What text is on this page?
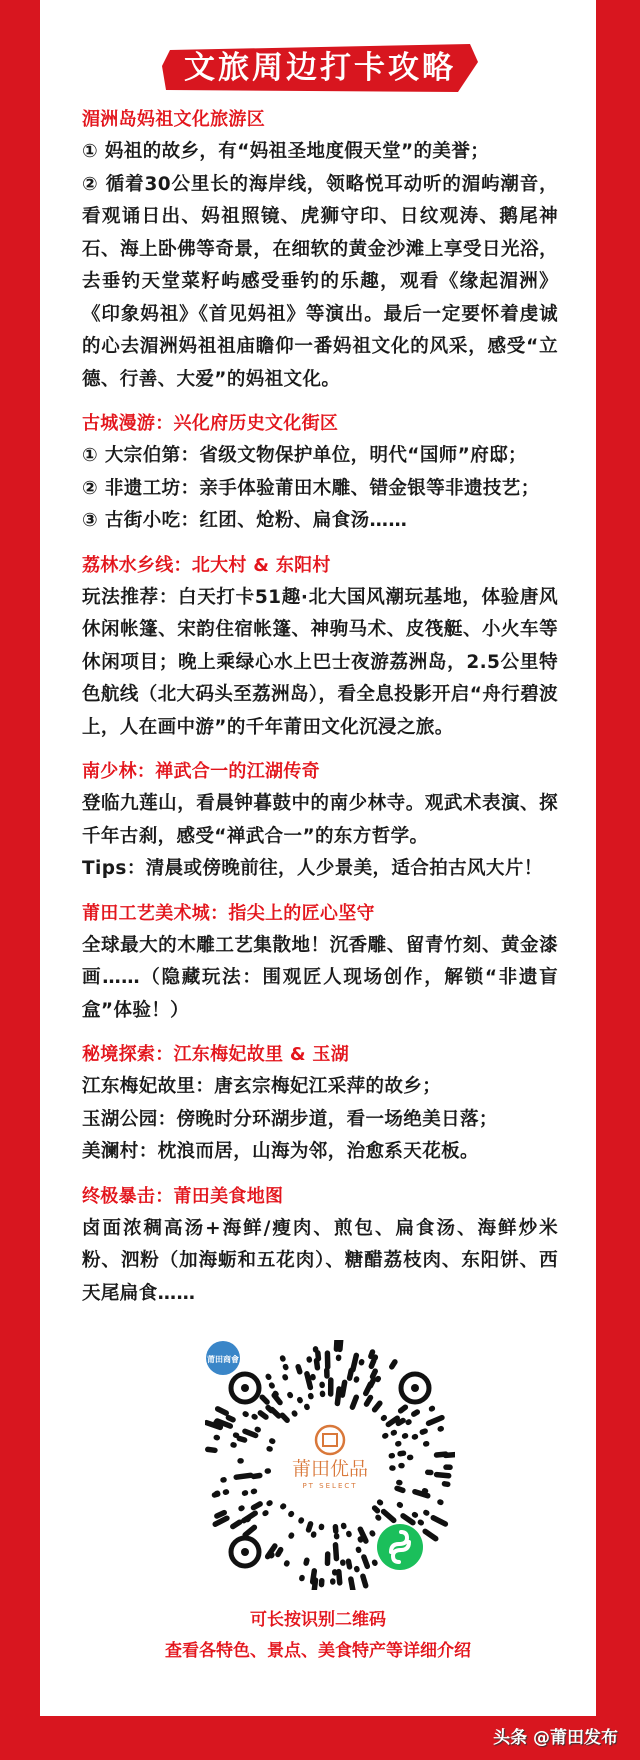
文旅周边打卡攻略
湄洲岛妈祖文化旅游区
① 妈祖的故乡，有“妈祖圣地度假天堂”的美誉；
② 循着30公里长的海岸线，领略悦耳动听的湄屿潮音，看观诵日出、妈祖照镜、虎狮守印、日纹观涛、鹅尾神石、海上卧佛等奇景，在细软的黄金沙滩上享受日光浴，去垂钓天堂菜籽屿感受垂钓的乐趣，观看《缘起湄洲》《印象妈祖》《首见妈祖》等演出。最后一定要怀着虔诚的心去湄洲妈祖祖庙瞻仰一番妈祖文化的风采，感受“立德、行善、大爱”的妈祖文化。
古城漫游：兴化府历史文化街区
① 大宗伯第：省级文物保护单位，明代“国师”府邸；
② 非遗工坊：亲手体验莆田木雕、错金银等非遗技艺；
③ 古街小吃：红团、炝粉、扁食汤……
荔林水乡线：北大村 & 东阳村
玩法推荐：白天打卡51趣·北大国风潮玩基地，体验唐风休闲帐篷、宋韵住宿帐篷、神驹马术、皮筏艇、小火车等休闲项目；晚上乘绿心水上巴士夜游荔洲岛，2.5公里特色航线（北大码头至荔洲岛），看全息投影开启“舟行碧波上，人在画中游”的千年莆田文化沉浸之旅。
南少林：禅武合一的江湖传奇
登临九莲山，看晨钟暮鼓中的南少林寺。观武术表演、探千年古刹，感受“禅武合一”的东方哲学。
Tips：清晨或傍晚前往，人少景美，适合拍古风大片！
莆田工艺美术城：指尖上的匠心坚守
全球最大的木雕工艺集散地！沉香雕、留青竹刻、黄金漆画……（隐藏玩法：围观匠人现场创作，解锁“非遗盲盒”体验！）
秘境探索：江东梅妃故里 & 玉湖
江东梅妃故里：唐玄宗梅妃江采萍的故乡；
玉湖公园：傍晚时分环湖步道，看一场绝美日落；
美澜村：枕浪而居，山海为邻，治愈系天花板。
终极暴击：莆田美食地图
卤面浓稠高汤+海鲜/瘦肉、煎包、扁食汤、海鲜炒米粉、泗粉（加海蛎和五花肉）、糖醋荔枝肉、东阳饼、西天尾扁食……
莆田商會
莆田优品
PT SELECT
可长按识别二维码
查看各特色、景点、美食特产等详细介绍
头条 @莆田发布
